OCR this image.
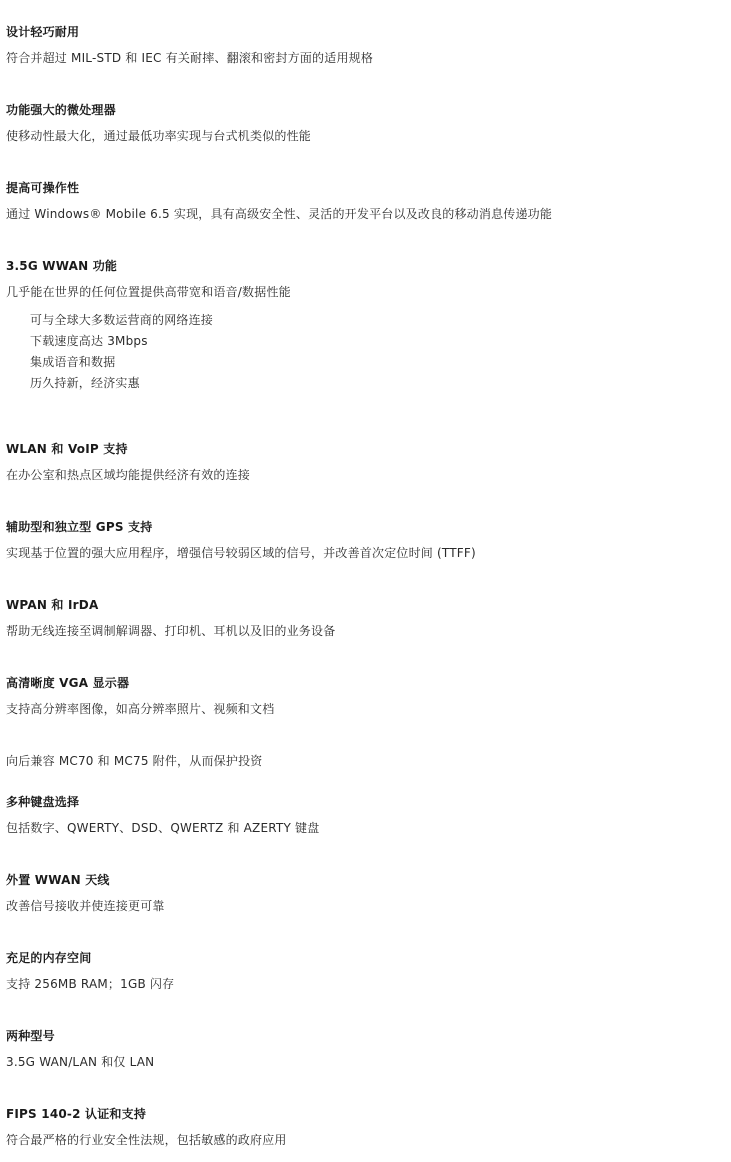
设计轻巧耐用
符合并超过 MIL-STD 和 IEC 有关耐摔、翻滚和密封方面的适用规格
功能强大的微处理器
使移动性最大化，通过最低功率实现与台式机类似的性能
提高可操作性
通过 Windows® Mobile 6.5 实现，具有高级安全性、灵活的开发平台以及改良的移动消息传递功能
3.5G WWAN 功能
几乎能在世界的任何位置提供高带宽和语音/数据性能
可与全球大多数运营商的网络连接
下载速度高达 3Mbps
集成语音和数据
历久持新，经济实惠
WLAN 和 VoIP 支持
在办公室和热点区域均能提供经济有效的连接
辅助型和独立型 GPS 支持
实现基于位置的强大应用程序，增强信号较弱区域的信号，并改善首次定位时间 (TTFF)
WPAN 和 IrDA
帮助无线连接至调制解调器、打印机、耳机以及旧的业务设备
高清晰度 VGA 显示器
支持高分辨率图像，如高分辨率照片、视频和文档
向后兼容 MC70 和 MC75 附件，从而保护投资
多种键盘选择
包括数字、QWERTY、DSD、QWERTZ 和 AZERTY 键盘
外置 WWAN 天线
改善信号接收并使连接更可靠
充足的内存空间
支持 256MB RAM；1GB 闪存
两种型号
3.5G WAN/LAN 和仅 LAN
FIPS 140-2 认证和支持
符合最严格的行业安全性法规，包括敏感的政府应用
